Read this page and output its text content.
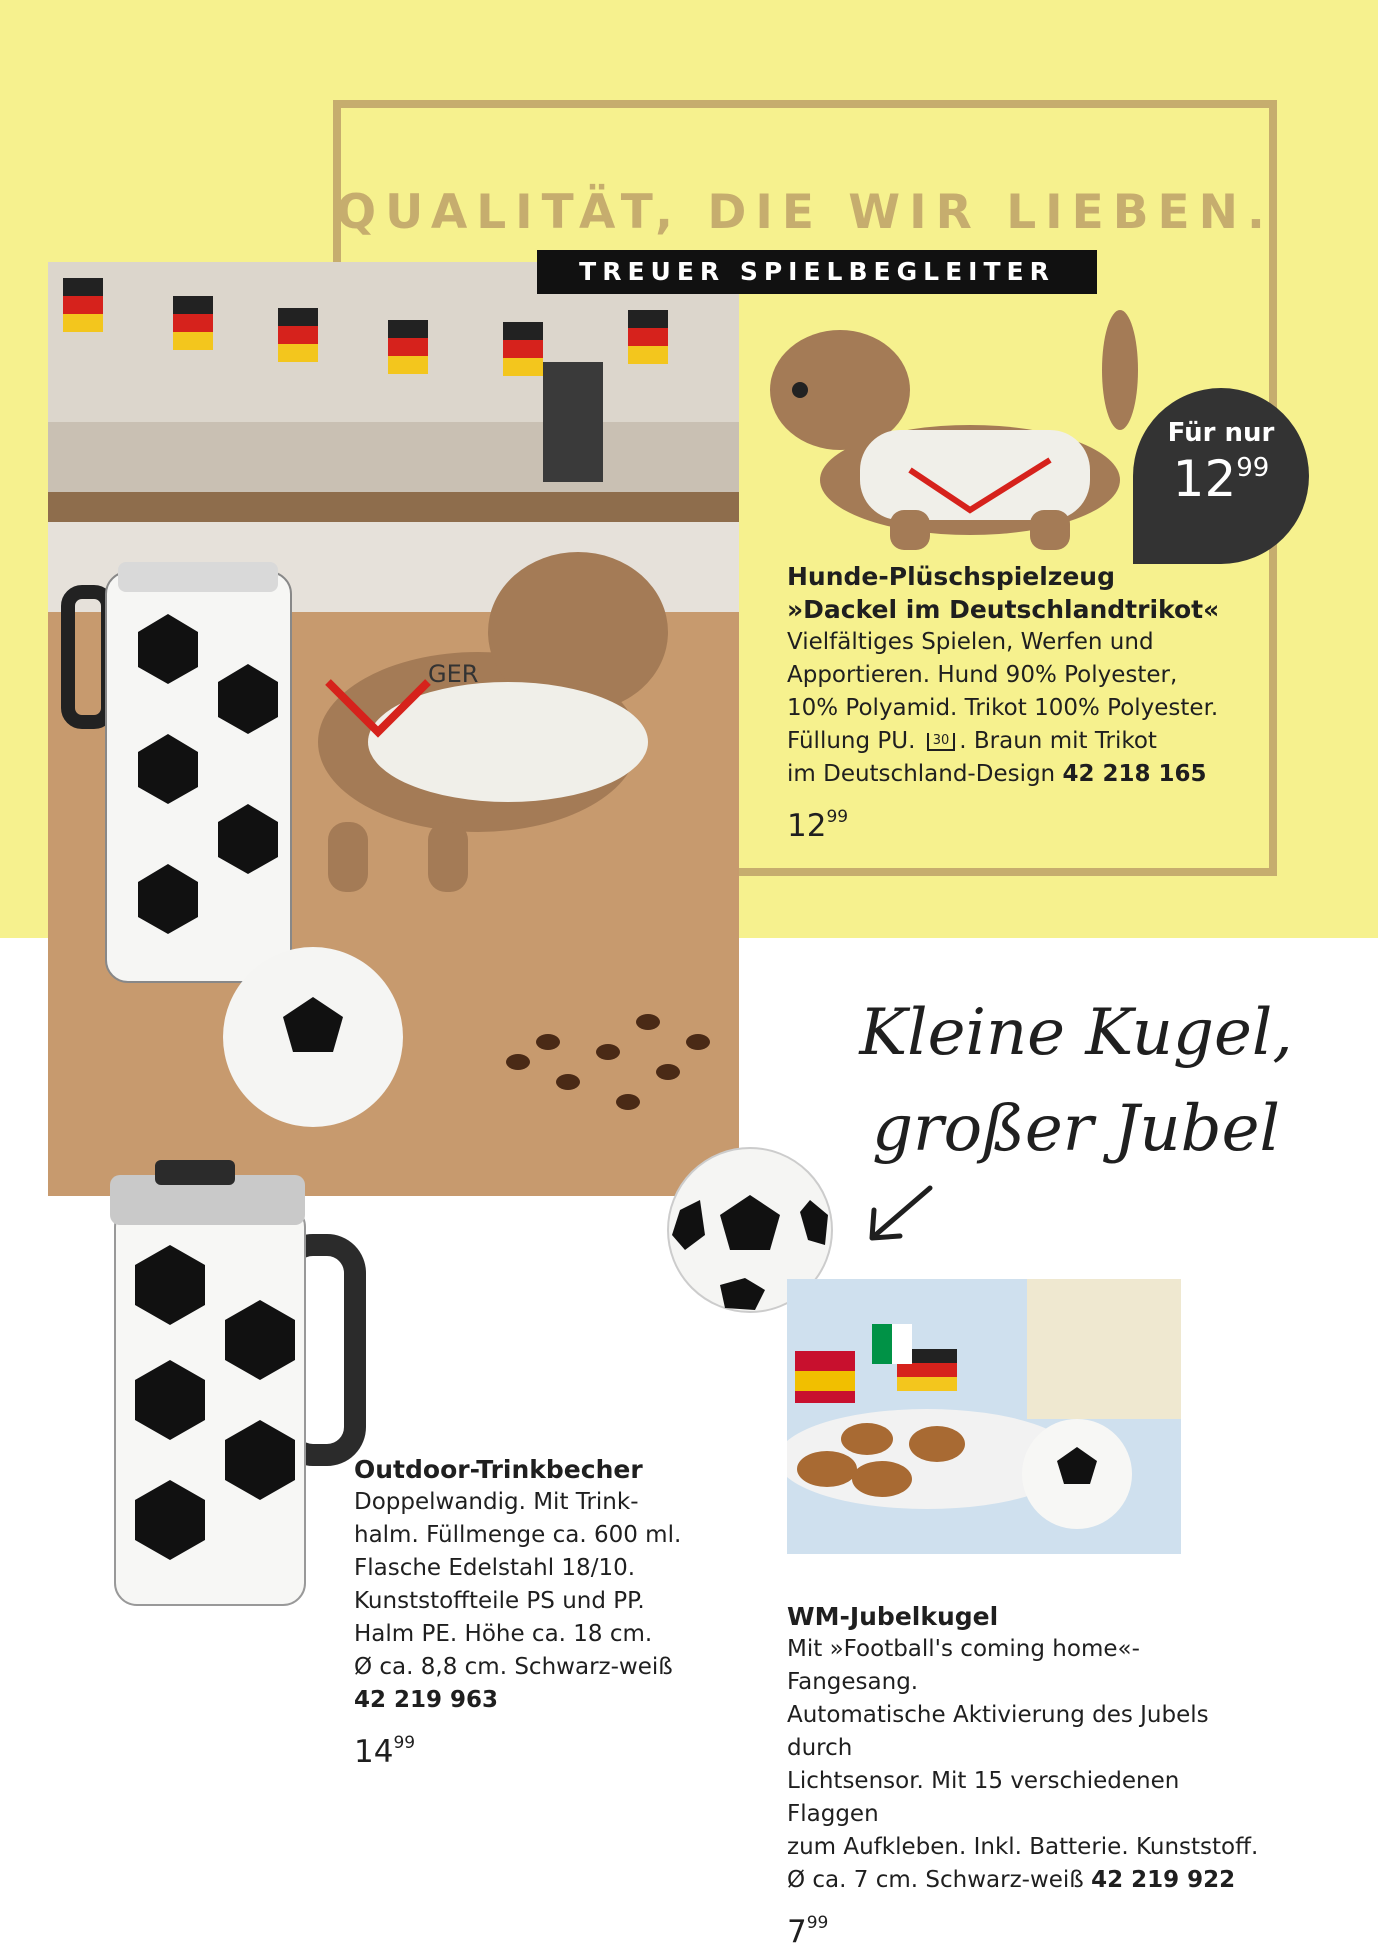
QUALITÄT, DIE WIR LIEBEN.
GER
TREUER SPIELBEGLEITER
Für nur
$12^{99}$
Hunde-Plüschspielzeug
»Dackel im Deutschlandtrikot«
Vielfältiges Spielen, Werfen und
Apportieren. Hund 90% Polyester,
10% Polyamid. Trikot 100% Polyester.
Füllung PU. 30 . Braun mit Trikot
im Deutschland-Design 42 218 165
$12^{99}$
Kleine Kugel,
großer Jubel
Outdoor-Trinkbecher
Doppelwandig. Mit Trink-
halm. Füllmenge ca. 600 ml.
Flasche Edelstahl 18/10.
Kunststoffteile PS und PP.
Halm PE. Höhe ca. 18 cm.
Ø ca. 8,8 cm. Schwarz-weiß
42 219 963
$14^{99}$
WM-Jubelkugel
Mit »Football's coming home«-Fangesang.
Automatische Aktivierung des Jubels durch
Lichtsensor. Mit 15 verschiedenen Flaggen
zum Aufkleben. Inkl. Batterie. Kunststoff.
Ø ca. 7 cm. Schwarz-weiß 42 219 922
$7^{99}$
